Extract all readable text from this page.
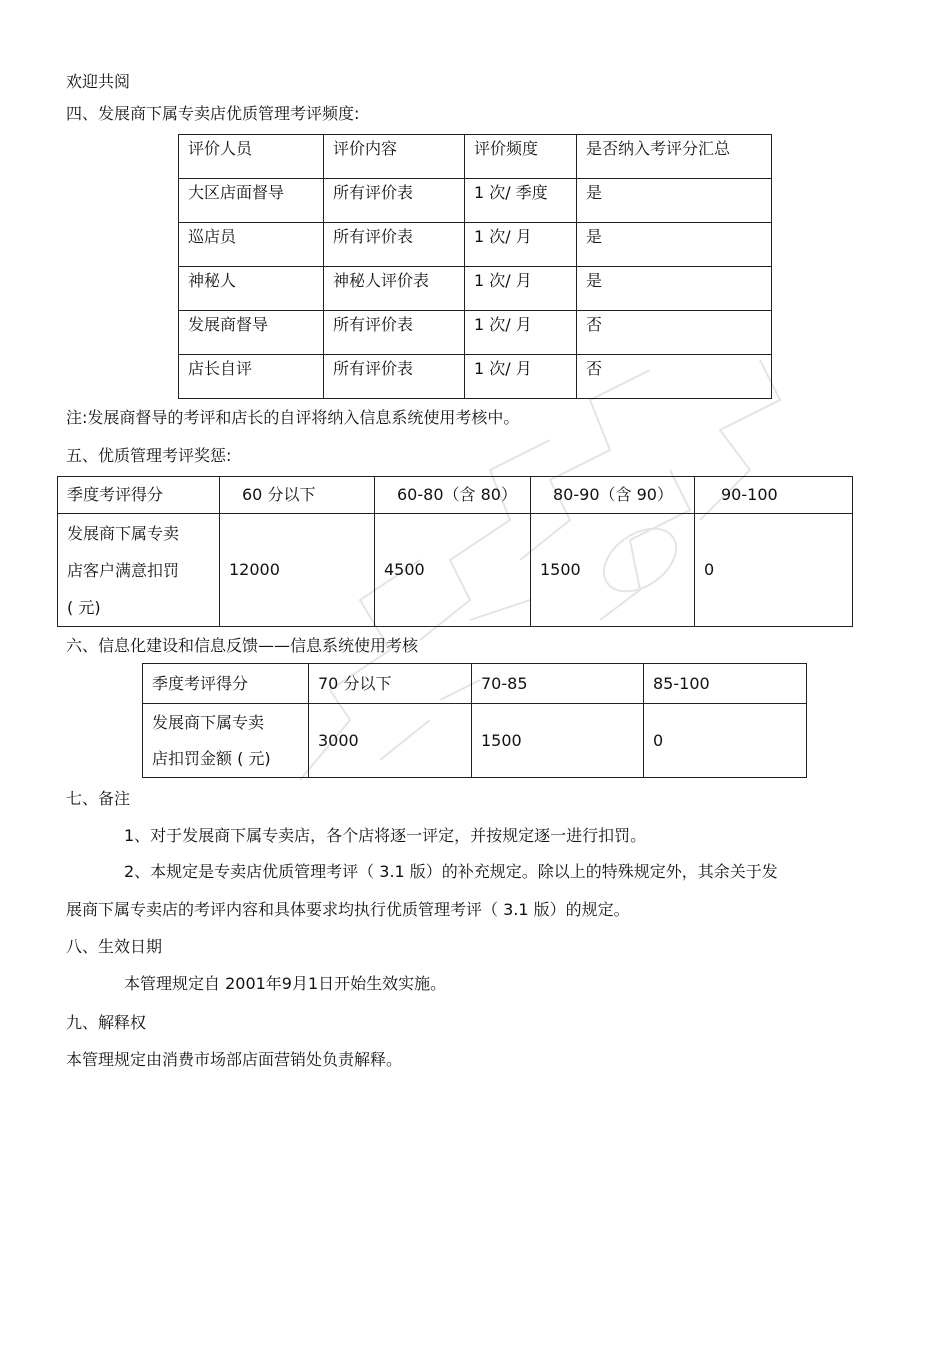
欢迎共阅
四、发展商下属专卖店优质管理考评频度:
评价人员	评价内容	评价频度	是否纳入考评分汇总
大区店面督导	所有评价表	1 次/ 季度	是
巡店员	所有评价表	1 次/ 月	是
神秘人	神秘人评价表	1 次/ 月	是
发展商督导	所有评价表	1 次/ 月	否
店长自评	所有评价表	1 次/ 月	否
注:发展商督导的考评和店长的自评将纳入信息系统使用考核中。
五、优质管理考评奖惩:
季度考评得分	60 分以下	60-80（含 80）	80-90（含 90）	90-100

发展商下属专卖
店客户满意扣罚
( 元)	12000	4500	1500	0
六、信息化建设和信息反馈——信息系统使用考核
季度考评得分	70 分以下	70-85	85-100

发展商下属专卖
店扣罚金额 ( 元)	3000	1500	0
七、备注
1、对于发展商下属专卖店，各个店将逐一评定，并按规定逐一进行扣罚。
2、本规定是专卖店优质管理考评（ 3.1 版）的补充规定。除以上的特殊规定外，其余关于发
展商下属专卖店的考评内容和具体要求均执行优质管理考评（ 3.1 版）的规定。
八、生效日期
本管理规定自 2001年9月1日开始生效实施。
九、解释权
本管理规定由消费市场部店面营销处负责解释。
